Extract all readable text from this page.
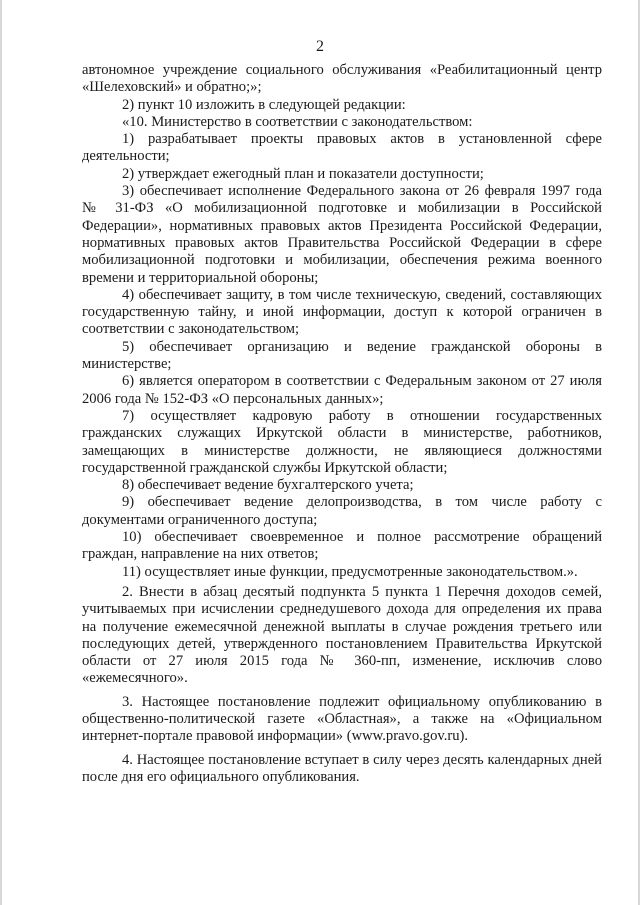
2

автономное учреждение социального обслуживания «Реабилитационный центр «Шелеховский» и обратно;»;

2) пункт 10 изложить в следующей редакции:

«10. Министерство в соответствии с законодательством:

1) разрабатывает проекты правовых актов в установленной сфере деятельности;

2) утверждает ежегодный план и показатели доступности;

3) обеспечивает исполнение Федерального закона от 26 февраля 1997 года № 31-ФЗ «О мобилизационной подготовке и мобилизации в Российской Федерации», нормативных правовых актов Президента Российской Федерации, нормативных правовых актов Правительства Российской Федерации в сфере мобилизационной подготовки и мобилизации, обеспечения режима военного времени и территориальной обороны;

4) обеспечивает защиту, в том числе техническую, сведений, составляющих государственную тайну, и иной информации, доступ к которой ограничен в соответствии с законодательством;

5) обеспечивает организацию и ведение гражданской обороны в министерстве;

6) является оператором в соответствии с Федеральным законом от 27 июля 2006 года № 152-ФЗ «О персональных данных»;

7) осуществляет кадровую работу в отношении государственных гражданских служащих Иркутской области в министерстве, работников, замещающих в министерстве должности, не являющиеся должностями государственной гражданской службы Иркутской области;

8) обеспечивает ведение бухгалтерского учета;

9) обеспечивает ведение делопроизводства, в том числе работу с документами ограниченного доступа;

10) обеспечивает своевременное и полное рассмотрение обращений граждан, направление на них ответов;

11) осуществляет иные функции, предусмотренные законодательством.».

2. Внести в абзац десятый подпункта 5 пункта 1 Перечня доходов семей, учитываемых при исчислении среднедушевого дохода для определения их права на получение ежемесячной денежной выплаты в случае рождения третьего или последующих детей, утвержденного постановлением Правительства Иркутской области от 27 июля 2015 года № 360-пп, изменение, исключив слово «ежемесячного».

3. Настоящее постановление подлежит официальному опубликованию в общественно-политической газете «Областная», а также на «Официальном интернет-портале правовой информации» (www.pravo.gov.ru).

4. Настоящее постановление вступает в силу через десять календарных дней после дня его официального опубликования.
